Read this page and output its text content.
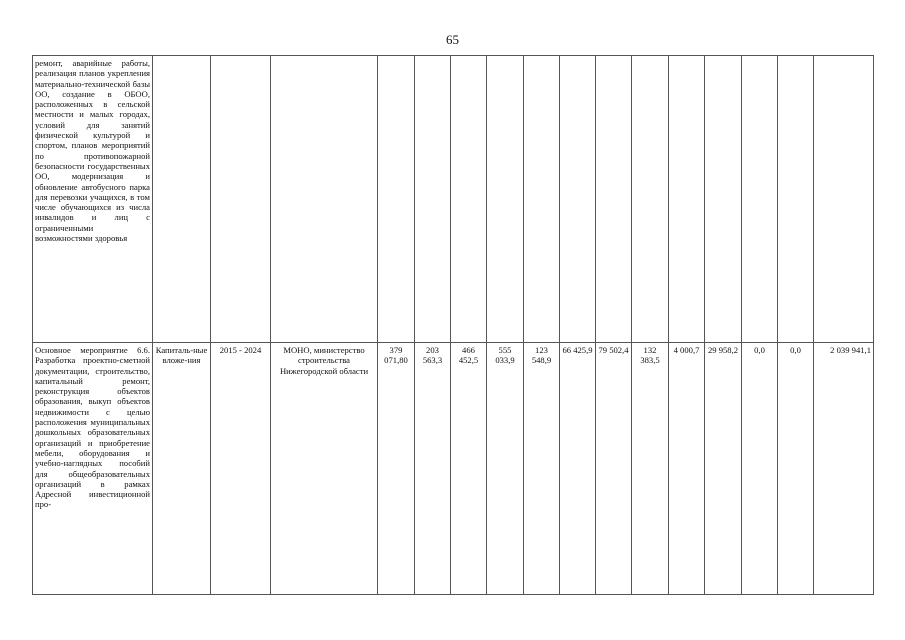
65
ремонт, аварийные работы, реализация планов укрепления материально-технической базы ОО, создание в ОБОО, расположенных в сельской местности и малых городах, условий для занятий физической культурой и спортом, планов мероприятий по противопожарной безопасности государственных ОО, модернизация и обновление автобусного парка для перевозки учащихся, в том числе обучающихся из числа инвалидов и лиц с ограниченными возможностями здоровья																
Основное мероприятие 6.6. Разработка проектно-сметной документации, строительство, капитальный ремонт, реконструкция объектов образования, выкуп объектов недвижимости с целью расположения муниципальных дошкольных образовательных организаций и приобретение мебели, оборудования и учебно-наглядных пособий для общеобразовательных организаций в рамках Адресной инвестиционной про-	Капиталь-ные вложе-ния	2015 - 2024	МОНО, министерство строительства Нижегородской области	379 071,80	203 563,3	466 452,5	555 033,9	123 548,9	66 425,9	79 502,4	132 383,5	4 000,7	29 958,2	0,0	0,0	2 039 941,1
